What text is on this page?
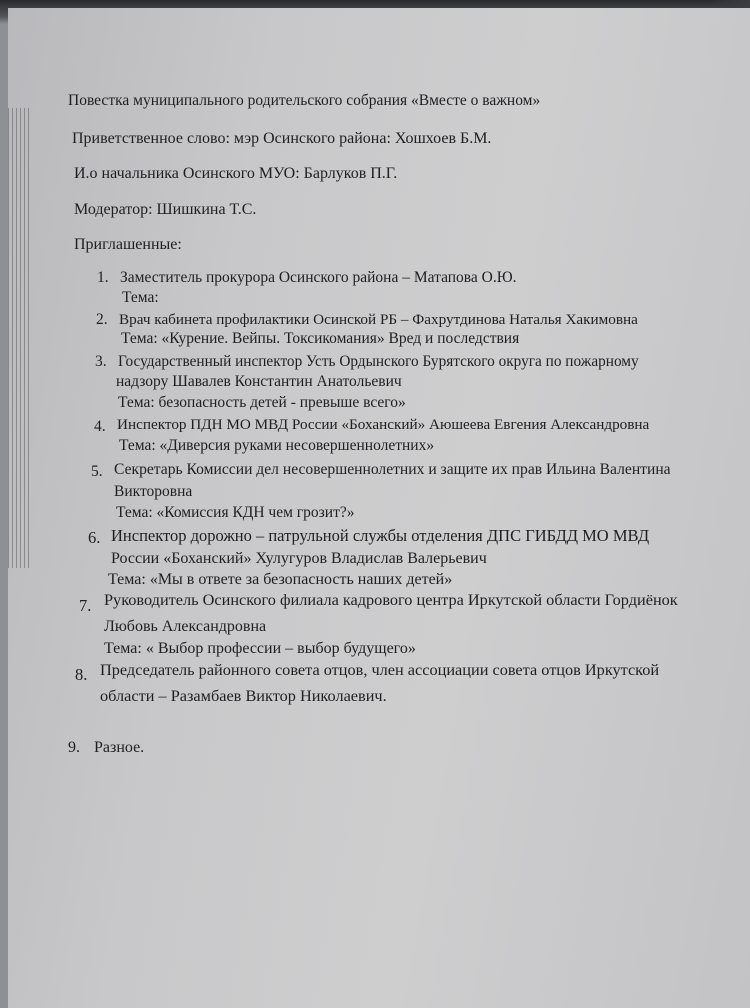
Повестка муниципального родительского собрания «Вместе о важном»
Приветственное слово: мэр Осинского района: Хошхоев Б.М.
И.о начальника Осинского МУО: Барлуков П.Г.
Модератор: Шишкина Т.С.
Приглашенные:
1. Заместитель прокурора Осинского района – Матапова О.Ю.
Тема:
2. Врач кабинета профилактики Осинской РБ – Фахрутдинова Наталья Хакимовна
Тема: «Курение. Вейпы. Токсикомания» Вред и последствия
3. Государственный инспектор Усть Ордынского Бурятского округа по пожарному
надзору Шавалев Константин Анатольевич
Тема: безопасность детей - превыше всего»
4. Инспектор ПДН МО МВД России «Боханский» Аюшеева Евгения Александровна
Тема: «Диверсия руками несовершеннолетних»
5. Секретарь Комиссии дел несовершеннолетних и защите их прав Ильина Валентина
Викторовна
Тема: «Комиссия КДН чем грозит?»
6. Инспектор дорожно – патрульной службы отделения ДПС ГИБДД МО МВД
России «Боханский» Хулугуров Владислав Валерьевич
Тема: «Мы в ответе за безопасность наших детей»
7. Руководитель Осинского филиала кадрового центра Иркутской области Гордиёнок
Любовь Александровна
Тема: « Выбор профессии – выбор будущего»
8. Председатель районного совета отцов, член ассоциации совета отцов Иркутской
области – Разамбаев Виктор Николаевич.
9. Разное.
